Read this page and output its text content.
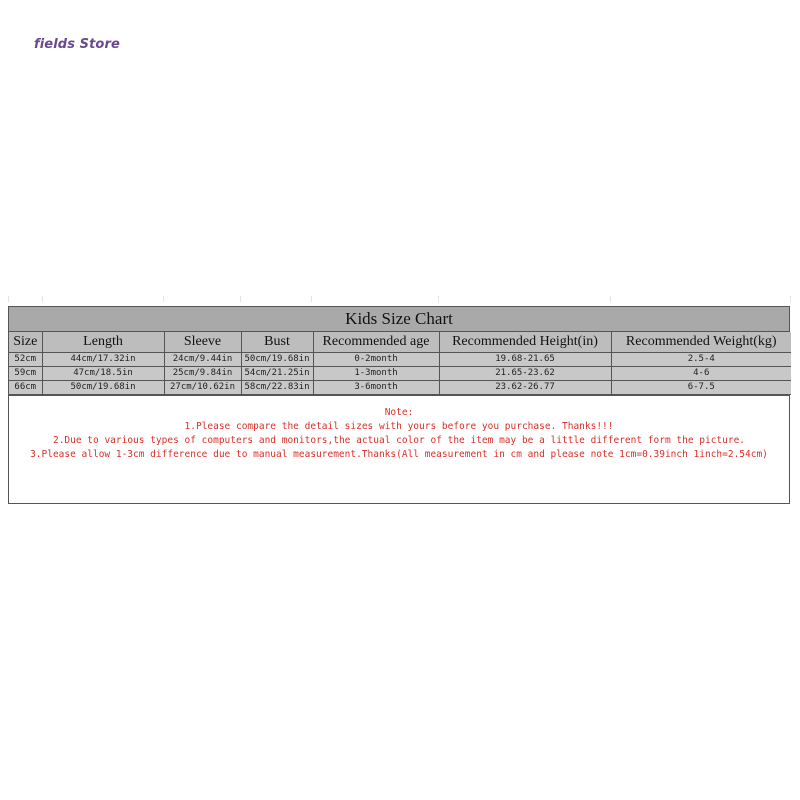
fields Store
Kids Size Chart
Size	Length	Sleeve	Bust	Recommended age	Recommended Height(in)	Recommended Weight(kg)
52cm	44cm/17.32in	24cm/9.44in	50cm/19.68in	0-2month	19.68-21.65	2.5-4
59cm	47cm/18.5in	25cm/9.84in	54cm/21.25in	1-3month	21.65-23.62	4-6
66cm	50cm/19.68in	27cm/10.62in	58cm/22.83in	3-6month	23.62-26.77	6-7.5
Note:
1.Please compare the detail sizes with yours before you purchase. Thanks!!!
2.Due to various types of computers and monitors,the actual color of the item may be a little different form the picture.
3.Please allow 1-3cm difference due to manual measurement.Thanks(All measurement in cm and please note 1cm=0.39inch 1inch=2.54cm)
